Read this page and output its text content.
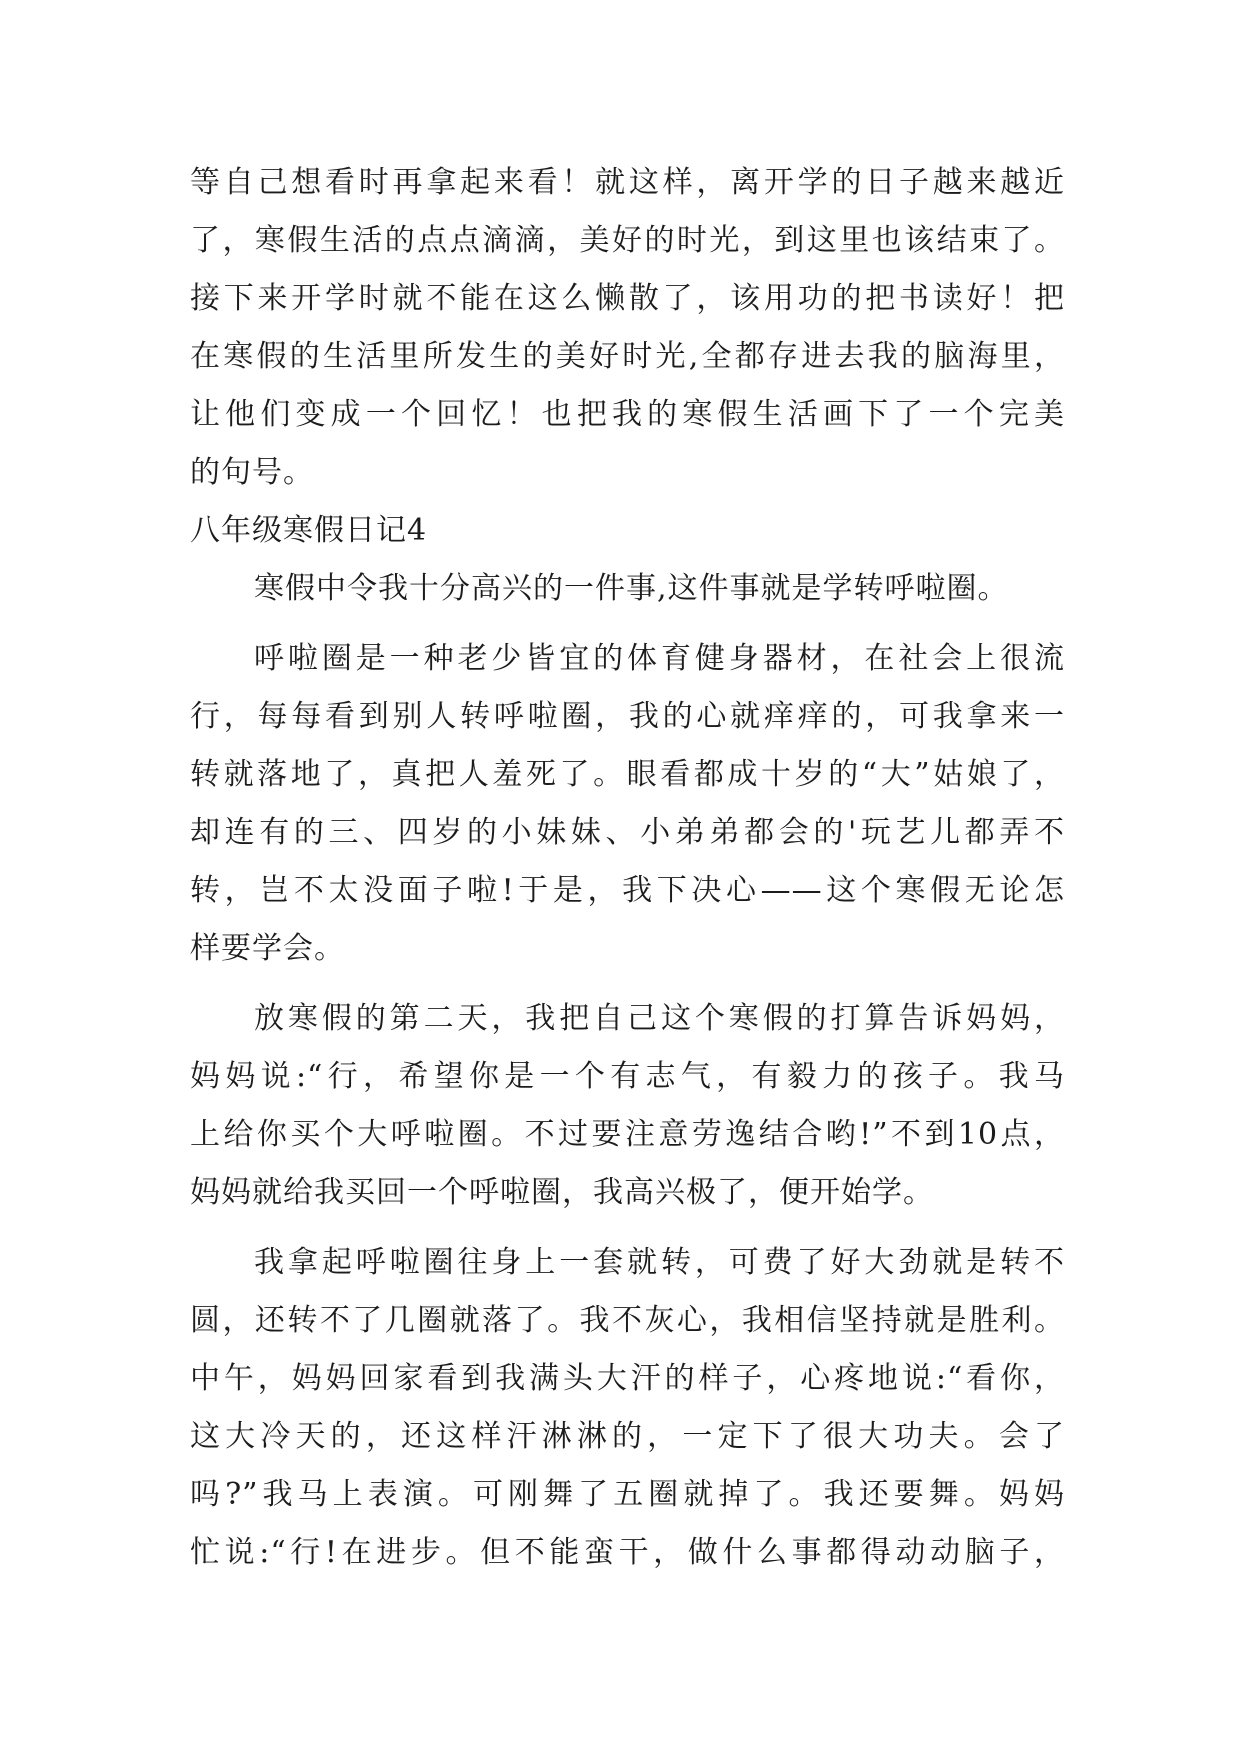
等自己想看时再拿起来看！就这样，离开学的日子越来越近
了，寒假生活的点点滴滴，美好的时光，到这里也该结束了。
接下来开学时就不能在这么懒散了，该用功的把书读好！把
在寒假的生活里所发生的美好时光,全都存进去我的脑海里，
让他们变成一个回忆！也把我的寒假生活画下了一个完美
的句号。
八年级寒假日记4
寒假中令我十分高兴的一件事,这件事就是学转呼啦圈。
呼啦圈是一种老少皆宜的体育健身器材，在社会上很流
行，每每看到别人转呼啦圈，我的心就痒痒的，可我拿来一
转就落地了，真把人羞死了。眼看都成十岁的“大”姑娘了，
却连有的三、四岁的小妹妹、小弟弟都会的'玩艺儿都弄不
转，岂不太没面子啦!于是，我下决心——这个寒假无论怎
样要学会。
放寒假的第二天，我把自己这个寒假的打算告诉妈妈，
妈妈说:“行，希望你是一个有志气，有毅力的孩子。我马
上给你买个大呼啦圈。不过要注意劳逸结合哟!”不到10点，
妈妈就给我买回一个呼啦圈，我高兴极了，便开始学。
我拿起呼啦圈往身上一套就转，可费了好大劲就是转不
圆，还转不了几圈就落了。我不灰心，我相信坚持就是胜利。
中午，妈妈回家看到我满头大汗的样子，心疼地说:“看你，
这大冷天的，还这样汗淋淋的，一定下了很大功夫。会了
吗?”我马上表演。可刚舞了五圈就掉了。我还要舞。妈妈
忙说:“行!在进步。但不能蛮干，做什么事都得动动脑子，
